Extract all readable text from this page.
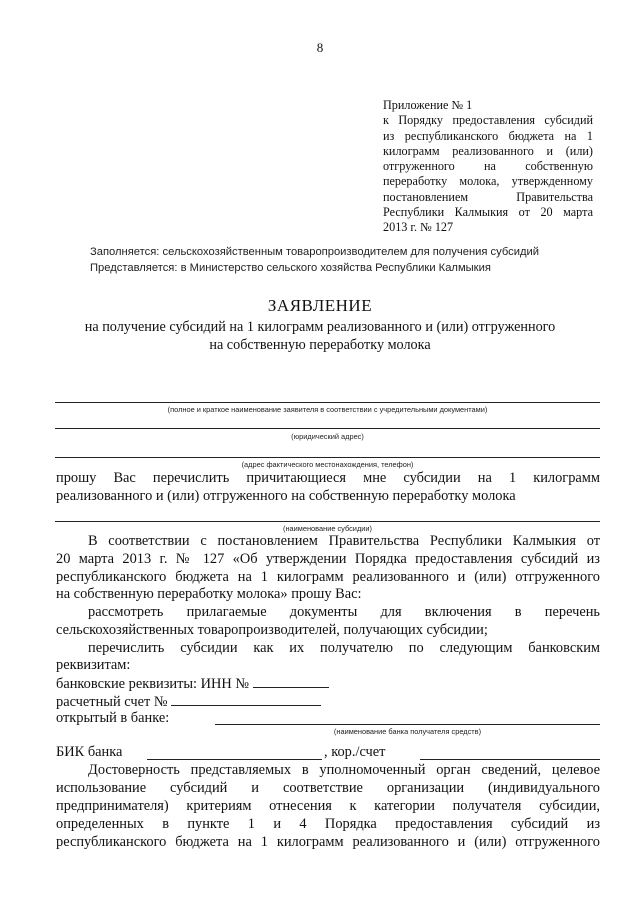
8
Приложение № 1
к Порядку предоставления субсидий
из республиканского бюджета на 1
килограмм реализованного и (или)
отгруженного на собственную
переработку молока, утвержденному
постановлением Правительства
Республики Калмыкия от 20 марта
2013 г. № 127
Заполняется: сельскохозяйственным товаропроизводителем для получения субсидий
Представляется: в Министерство сельского хозяйства Республики Калмыкия
ЗАЯВЛЕНИЕ
на получение субсидий на 1 килограмм реализованного и (или) отгруженного
на собственную переработку молока
(полное и краткое наименование заявителя в соответствии с учредительными документами)
(юридический адрес)
(адрес фактического местонахождения, телефон)
прошу Вас перечислить причитающиеся мне субсидии на 1 килограмм
реализованного и (или) отгруженного на собственную переработку молока
(наименование субсидии)
В соответствии с постановлением Правительства Республики Калмыкия от
20 марта 2013 г. № 127 «Об утверждении Порядка предоставления субсидий из
республиканского бюджета на 1 килограмм реализованного и (или) отгруженного
на собственную переработку молока» прошу Вас:
рассмотреть прилагаемые документы для включения в перечень
сельскохозяйственных товаропроизводителей, получающих субсидии;
перечислить субсидии как их получателю по следующим банковским
реквизитам:
банковские реквизиты: ИНН №
расчетный счет №
открытый в банке:
(наименование банка получателя средств)
БИК банка	, кор./счет
Достоверность представляемых в уполномоченный орган сведений, целевое
использование субсидий и соответствие организации (индивидуального
предпринимателя) критериям отнесения к категории получателя субсидии,
определенных в пункте 1 и 4 Порядка предоставления субсидий из
республиканского бюджета на 1 килограмм реализованного и (или) отгруженного
